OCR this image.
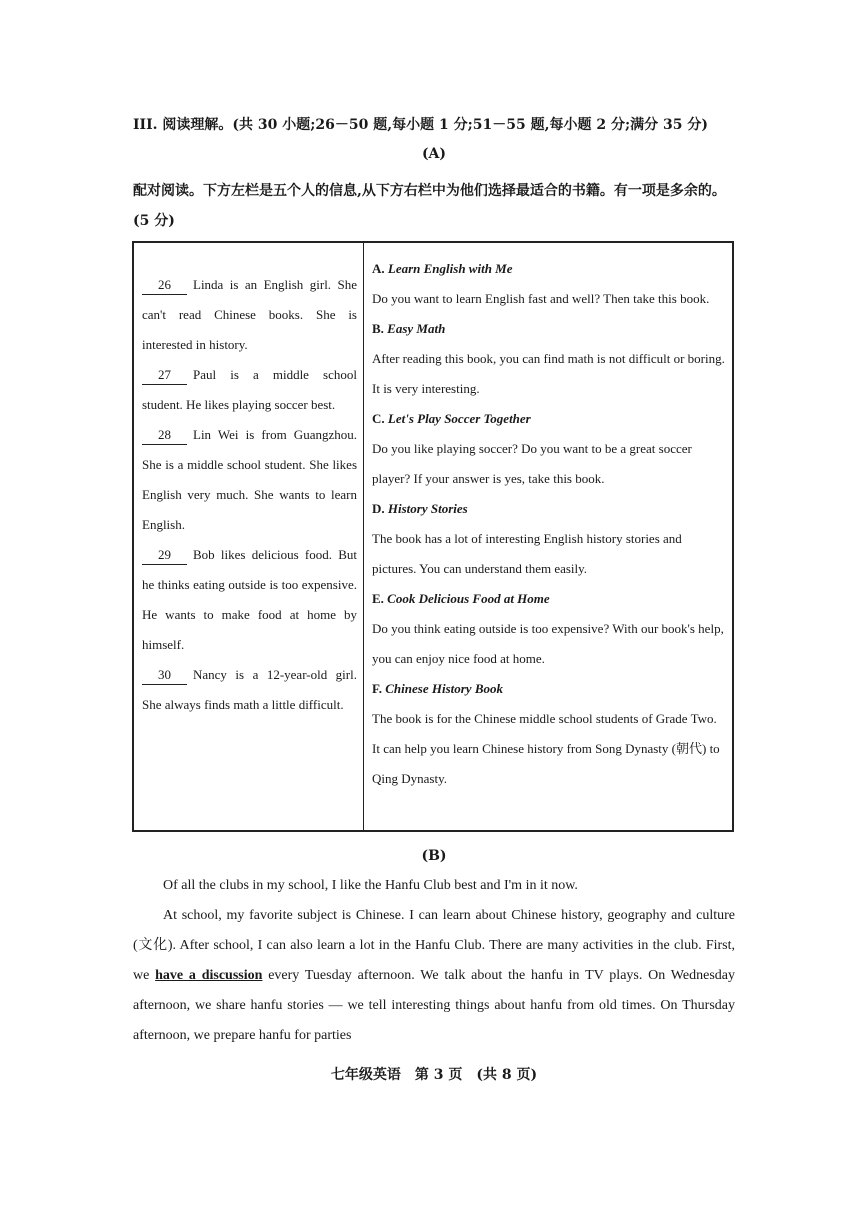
III. 阅读理解。(共 30 小题;26－50 题,每小题 1 分;51－55 题,每小题 2 分;满分 35 分)
(A)
配对阅读。下方左栏是五个人的信息,从下方右栏中为他们选择最适合的书籍。有一项是多余的。(5 分)
26 Linda is an English girl. She can't read Chinese books. She is interested in history.
27 Paul is a middle school student. He likes playing soccer best.
28 Lin Wei is from Guangzhou. She is a middle school student. She likes English very much. She wants to learn English.
29 Bob likes delicious food. But he thinks eating outside is too expensive. He wants to make food at home by himself.
30 Nancy is a 12-year-old girl. She always finds math a little difficult.

A. Learn English with Me
Do you want to learn English fast and well? Then take this book.
B. Easy Math
After reading this book, you can find math is not difficult or boring. It is very interesting.
C. Let's Play Soccer Together
Do you like playing soccer? Do you want to be a great soccer player? If your answer is yes, take this book.
D. History Stories
The book has a lot of interesting English history stories and pictures. You can understand them easily.
E. Cook Delicious Food at Home
Do you think eating outside is too expensive? With our book's help, you can enjoy nice food at home.
F. Chinese History Book
The book is for the Chinese middle school students of Grade Two. It can help you learn Chinese history from Song Dynasty (朝代) to Qing Dynasty.
(B)

Of all the clubs in my school, I like the Hanfu Club best and I'm in it now.

At school, my favorite subject is Chinese. I can learn about Chinese history, geography and culture (文化). After school, I can also learn a lot in the Hanfu Club. There are many activities in the club. First, we have a discussion every Tuesday afternoon. We talk about the hanfu in TV plays. On Wednesday afternoon, we share hanfu stories — we tell interesting things about hanfu from old times. On Thursday afternoon, we prepare hanfu for parties

七年级英语　第 3 页　(共 8 页)
